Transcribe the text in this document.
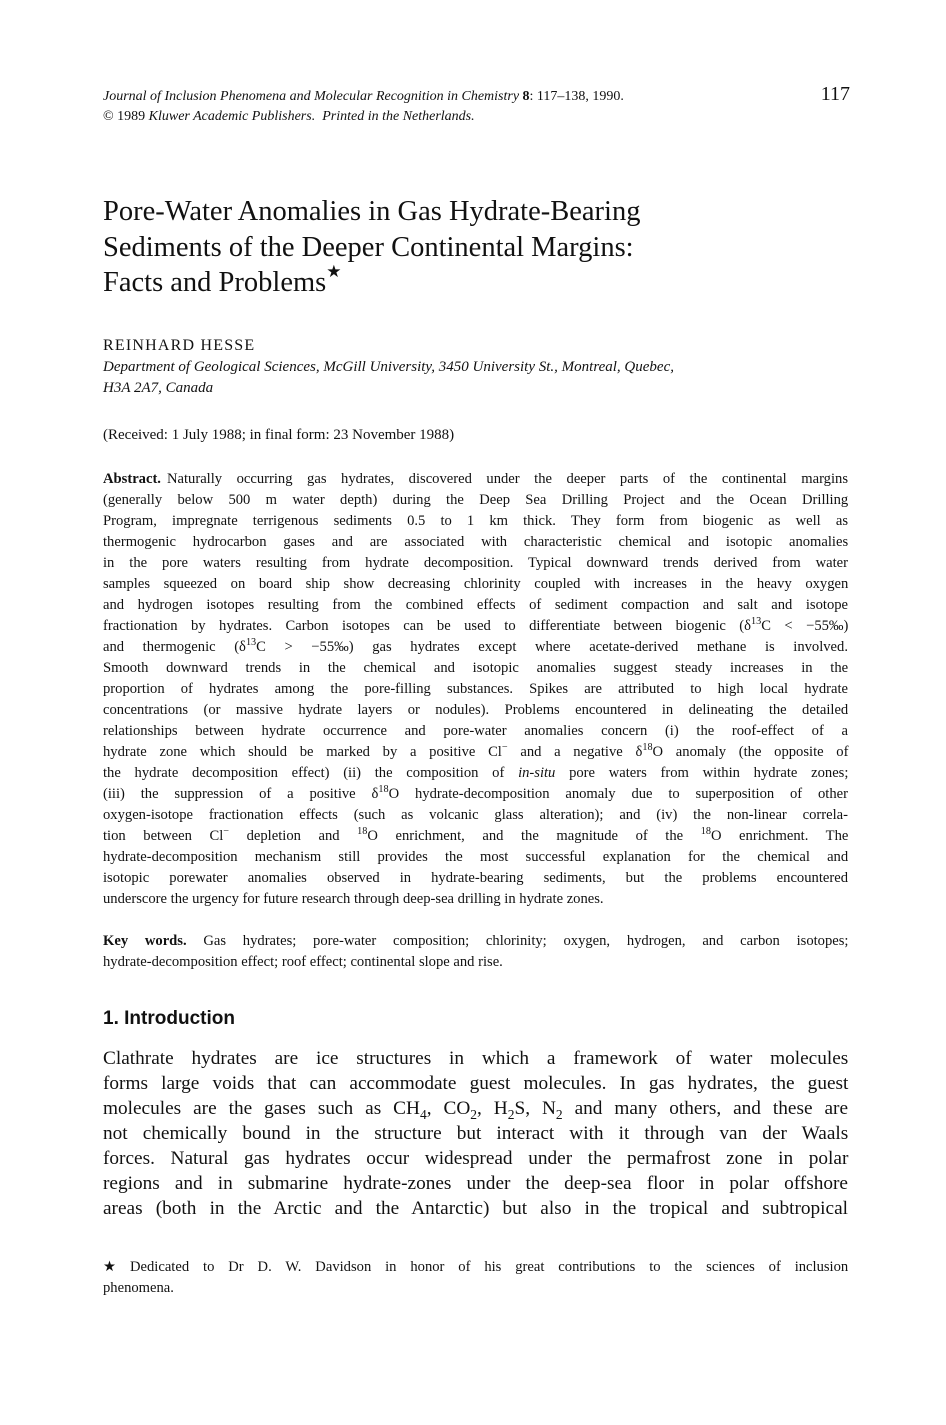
Journal of Inclusion Phenomena and Molecular Recognition in Chemistry 8: 117–138, 1990.
© 1989 Kluwer Academic Publishers. Printed in the Netherlands.
117
Pore-Water Anomalies in Gas Hydrate-Bearing
Sediments of the Deeper Continental Margins:
Facts and Problems★
REINHARD HESSE
Department of Geological Sciences, McGill University, 3450 University St., Montreal, Quebec,
H3A 2A7, Canada
(Received: 1 July 1988; in final form: 23 November 1988)
Abstract. Naturally occurring gas hydrates, discovered under the deeper parts of the continental margins
(generally below 500 m water depth) during the Deep Sea Drilling Project and the Ocean Drilling
Program, impregnate terrigenous sediments 0.5 to 1 km thick. They form from biogenic as well as
thermogenic hydrocarbon gases and are associated with characteristic chemical and isotopic anomalies
in the pore waters resulting from hydrate decomposition. Typical downward trends derived from water
samples squeezed on board ship show decreasing chlorinity coupled with increases in the heavy oxygen
and hydrogen isotopes resulting from the combined effects of sediment compaction and salt and isotope
fractionation by hydrates. Carbon isotopes can be used to differentiate between biogenic ($\delta^{13}C$ < −55‰)
and thermogenic ($\delta^{13}C$ > −55‰) gas hydrates except where acetate-derived methane is involved.
Smooth downward trends in the chemical and isotopic anomalies suggest steady increases in the
proportion of hydrates among the pore-filling substances. Spikes are attributed to high local hydrate
concentrations (or massive hydrate layers or nodules). Problems encountered in delineating the detailed
relationships between hydrate occurrence and pore-water anomalies concern (i) the roof-effect of a
hydrate zone which should be marked by a positive Cl− and a negative $\delta^{18}O$ anomaly (the opposite of
the hydrate decomposition effect) (ii) the composition of in-situ pore waters from within hydrate zones;
(iii) the suppression of a positive $\delta^{18}O$ hydrate-decomposition anomaly due to superposition of other
oxygen-isotope fractionation effects (such as volcanic glass alteration); and (iv) the non-linear correla-
tion between Cl− depletion and $^{18}$O enrichment, and the magnitude of the $^{18}$O enrichment. The
hydrate-decomposition mechanism still provides the most successful explanation for the chemical and
isotopic porewater anomalies observed in hydrate-bearing sediments, but the problems encountered
underscore the urgency for future research through deep-sea drilling in hydrate zones.
Key words. Gas hydrates; pore-water composition; chlorinity; oxygen, hydrogen, and carbon isotopes;
hydrate-decomposition effect; roof effect; continental slope and rise.
1. Introduction
Clathrate hydrates are ice structures in which a framework of water molecules
forms large voids that can accommodate guest molecules. In gas hydrates, the guest
molecules are the gases such as $CH_4$, $CO_2$, $H_2S$, $N_2$ and many others, and these are
not chemically bound in the structure but interact with it through van der Waals
forces. Natural gas hydrates occur widespread under the permafrost zone in polar
regions and in submarine hydrate-zones under the deep-sea floor in polar offshore
areas (both in the Arctic and the Antarctic) but also in the tropical and subtropical
★ Dedicated to Dr D. W. Davidson in honor of his great contributions to the sciences of inclusion
phenomena.
